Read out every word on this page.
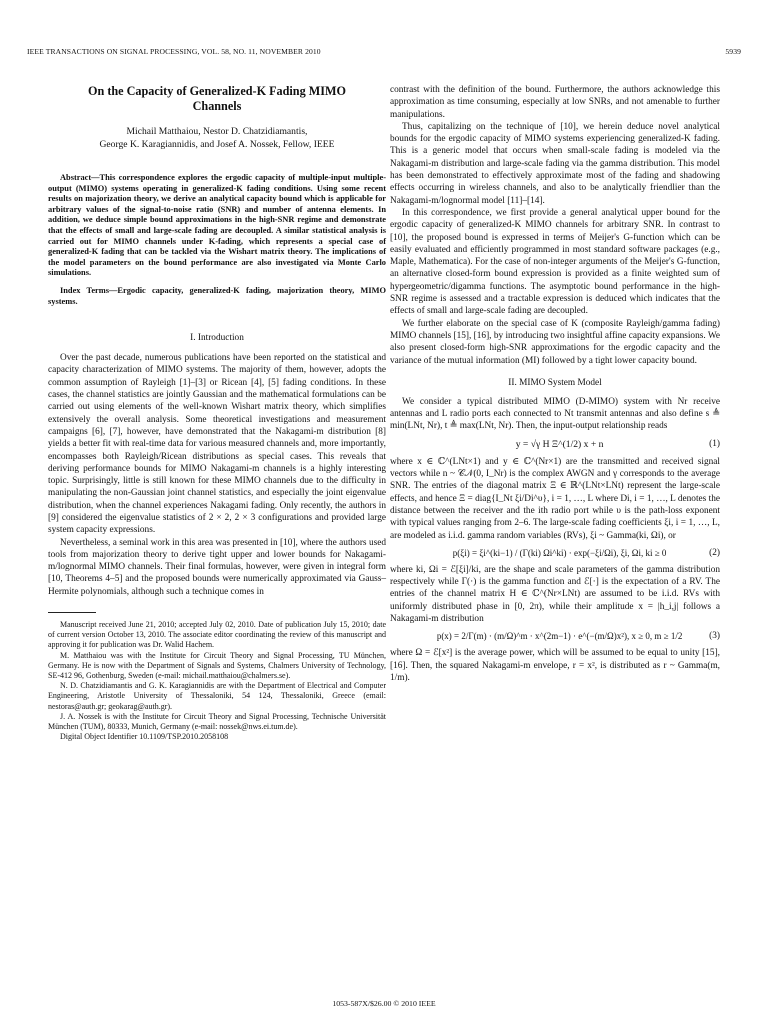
IEEE TRANSACTIONS ON SIGNAL PROCESSING, VOL. 58, NO. 11, NOVEMBER 2010	5939
On the Capacity of Generalized-K Fading MIMO Channels
Michail Matthaiou, Nestor D. Chatzidiamantis,
George K. Karagiannidis, and Josef A. Nossek, Fellow, IEEE

Abstract—This correspondence explores the ergodic capacity of multiple-input multiple-output (MIMO) systems operating in generalized-K fading conditions. Using some recent results on majorization theory, we derive an analytical capacity bound which is applicable for arbitrary values of the signal-to-noise ratio (SNR) and number of antenna elements. In addition, we deduce simple bound approximations in the high-SNR regime and demonstrate that the effects of small and large-scale fading are decoupled. A similar statistical analysis is carried out for MIMO channels under K-fading, which represents a special case of generalized-K fading that can be tackled via the Wishart matrix theory. The implications of the model parameters on the bound performance are also investigated via Monte Carlo simulations.

Index Terms—Ergodic capacity, generalized-K fading, majorization theory, MIMO systems.

I. Introduction

Over the past decade, numerous publications have been reported on the statistical and capacity characterization of MIMO systems. The majority of them, however, adopts the common assumption of Rayleigh [1]–[3] or Ricean [4], [5] fading conditions. In these cases, the channel statistics are jointly Gaussian and the mathematical formulations can be carried out using elements of the well-known Wishart matrix theory, which simplifies extensively the overall analysis. Some theoretical investigations and measurement campaigns [6], [7], however, have demonstrated that the Nakagami-m distribution [8] yields a better fit with real-time data for various measured channels and, more importantly, encompasses both Rayleigh/Ricean distributions as special cases. This reveals that deriving performance bounds for MIMO Nakagami-m channels is a highly interesting topic. Surprisingly, little is still known for these MIMO channels due to the difficulty in manipulating the non-Gaussian joint channel statistics, and especially the joint eigenvalue distribution, when the channel experiences Nakagami fading. Only recently, the authors in [9] considered the eigenvalue statistics of 2 × 2, 2 × 3 configurations and provided large system capacity expressions.

Nevertheless, a seminal work in this area was presented in [10], where the authors used tools from majorization theory to derive tight upper and lower bounds for Nakagami-m/lognormal MIMO channels. Their final formulas, however, were given in integral form [10, Theorems 4–5] and the proposed bounds were numerically approximated via Gauss–Hermite polynomials, although such a technique comes in

Manuscript received June 21, 2010; accepted July 02, 2010. Date of publication July 15, 2010; date of current version October 13, 2010. The associate editor coordinating the review of this manuscript and approving it for publication was Dr. Walid Hachem.

M. Matthaiou was with the Institute for Circuit Theory and Signal Processing, TU München, Germany. He is now with the Department of Signals and Systems, Chalmers University of Technology, SE-412 96, Gothenburg, Sweden (e-mail: michail.matthaiou@chalmers.se).

N. D. Chatzidiamantis and G. K. Karagiannidis are with the Department of Electrical and Computer Engineering, Aristotle University of Thessaloniki, 54 124, Thessaloniki, Greece (email: nestoras@auth.gr; geokarag@auth.gr).

J. A. Nossek is with the Institute for Circuit Theory and Signal Processing, Technische Universität München (TUM), 80333, Munich, Germany (e-mail: nossek@nws.ei.tum.de).

Digital Object Identifier 10.1109/TSP.2010.2058108

contrast with the definition of the bound. Furthermore, the authors acknowledge this approximation as time consuming, especially at low SNRs, and not amenable to further manipulations.

Thus, capitalizing on the technique of [10], we herein deduce novel analytical bounds for the ergodic capacity of MIMO systems experiencing generalized-K fading. This is a generic model that occurs when small-scale fading is modeled via the Nakagami-m distribution and large-scale fading via the gamma distribution. This model has been demonstrated to effectively approximate most of the fading and shadowing effects occurring in wireless channels, and also to be analytically friendlier than the Nakagami-m/lognormal model [11]–[14].

In this correspondence, we first provide a general analytical upper bound for the ergodic capacity of generalized-K MIMO channels for arbitrary SNR. In contrast to [10], the proposed bound is expressed in terms of Meijer's G-function which can be easily evaluated and efficiently programmed in most standard software packages (e.g., Maple, Mathematica). For the case of non-integer arguments of the Meijer's G-function, an alternative closed-form bound expression is provided as a finite weighted sum of hypergeometric/digamma functions. The asymptotic bound performance in the high-SNR regime is assessed and a tractable expression is deduced which indicates that the effects of small and large-scale fading are decoupled.

We further elaborate on the special case of K (composite Rayleigh/gamma fading) MIMO channels [15], [16], by introducing two insightful affine capacity expansions. We also present closed-form high-SNR approximations for the ergodic capacity and the variance of the mutual information (MI) followed by a tight lower capacity bound.

II. MIMO System Model

We consider a typical distributed MIMO (D-MIMO) system with Nr receive antennas and L radio ports each connected to Nt transmit antennas and also define s ≜ min(LNt, Nr), t ≜ max(LNt, Nr). Then, the input-output relationship reads

y = √γ H Ξ^(1/2) x + n	(1)

where x ∈ ℂ^(LNt×1) and y ∈ ℂ^(Nr×1) are the transmitted and received signal vectors while n ~ 𝒞𝒩(0, I_Nr) is the complex AWGN and γ corresponds to the average SNR. The entries of the diagonal matrix Ξ ∈ ℝ^(LNt×LNt) represent the large-scale effects, and hence Ξ = diag{I_Nt ξi/Di^υ}, i = 1, …, L where Di, i = 1, …, L denotes the distance between the receiver and the ith radio port while υ is the path-loss exponent with typical values ranging from 2–6. The large-scale fading coefficients ξi, i = 1, …, L, are modeled as i.i.d. gamma random variables (RVs), ξi ~ Gamma(ki, Ωi), or

p(ξi) = ξi^(ki−1) / (Γ(ki) Ωi^ki) · exp(−ξi/Ωi), ξi, Ωi, ki ≥ 0	(2)

where ki, Ωi = ℰ[ξi]/ki, are the shape and scale parameters of the gamma distribution respectively while Γ(·) is the gamma function and ℰ[·] is the expectation of a RV. The entries of the channel matrix H ∈ ℂ^(Nr×LNt) are assumed to be i.i.d. RVs with uniformly distributed phase in [0, 2π), while their amplitude x = |h_i,j| follows a Nakagami-m distribution

p(x) = 2/Γ(m) · (m/Ω)^m · x^(2m−1) · e^(−(m/Ω)x²), x ≥ 0, m ≥ 1/2	(3)

where Ω = ℰ[x²] is the average power, which will be assumed to be equal to unity [15], [16]. Then, the squared Nakagami-m envelope, r = x², is distributed as r ~ Gamma(m, 1/m).

1053-587X/$26.00 © 2010 IEEE
